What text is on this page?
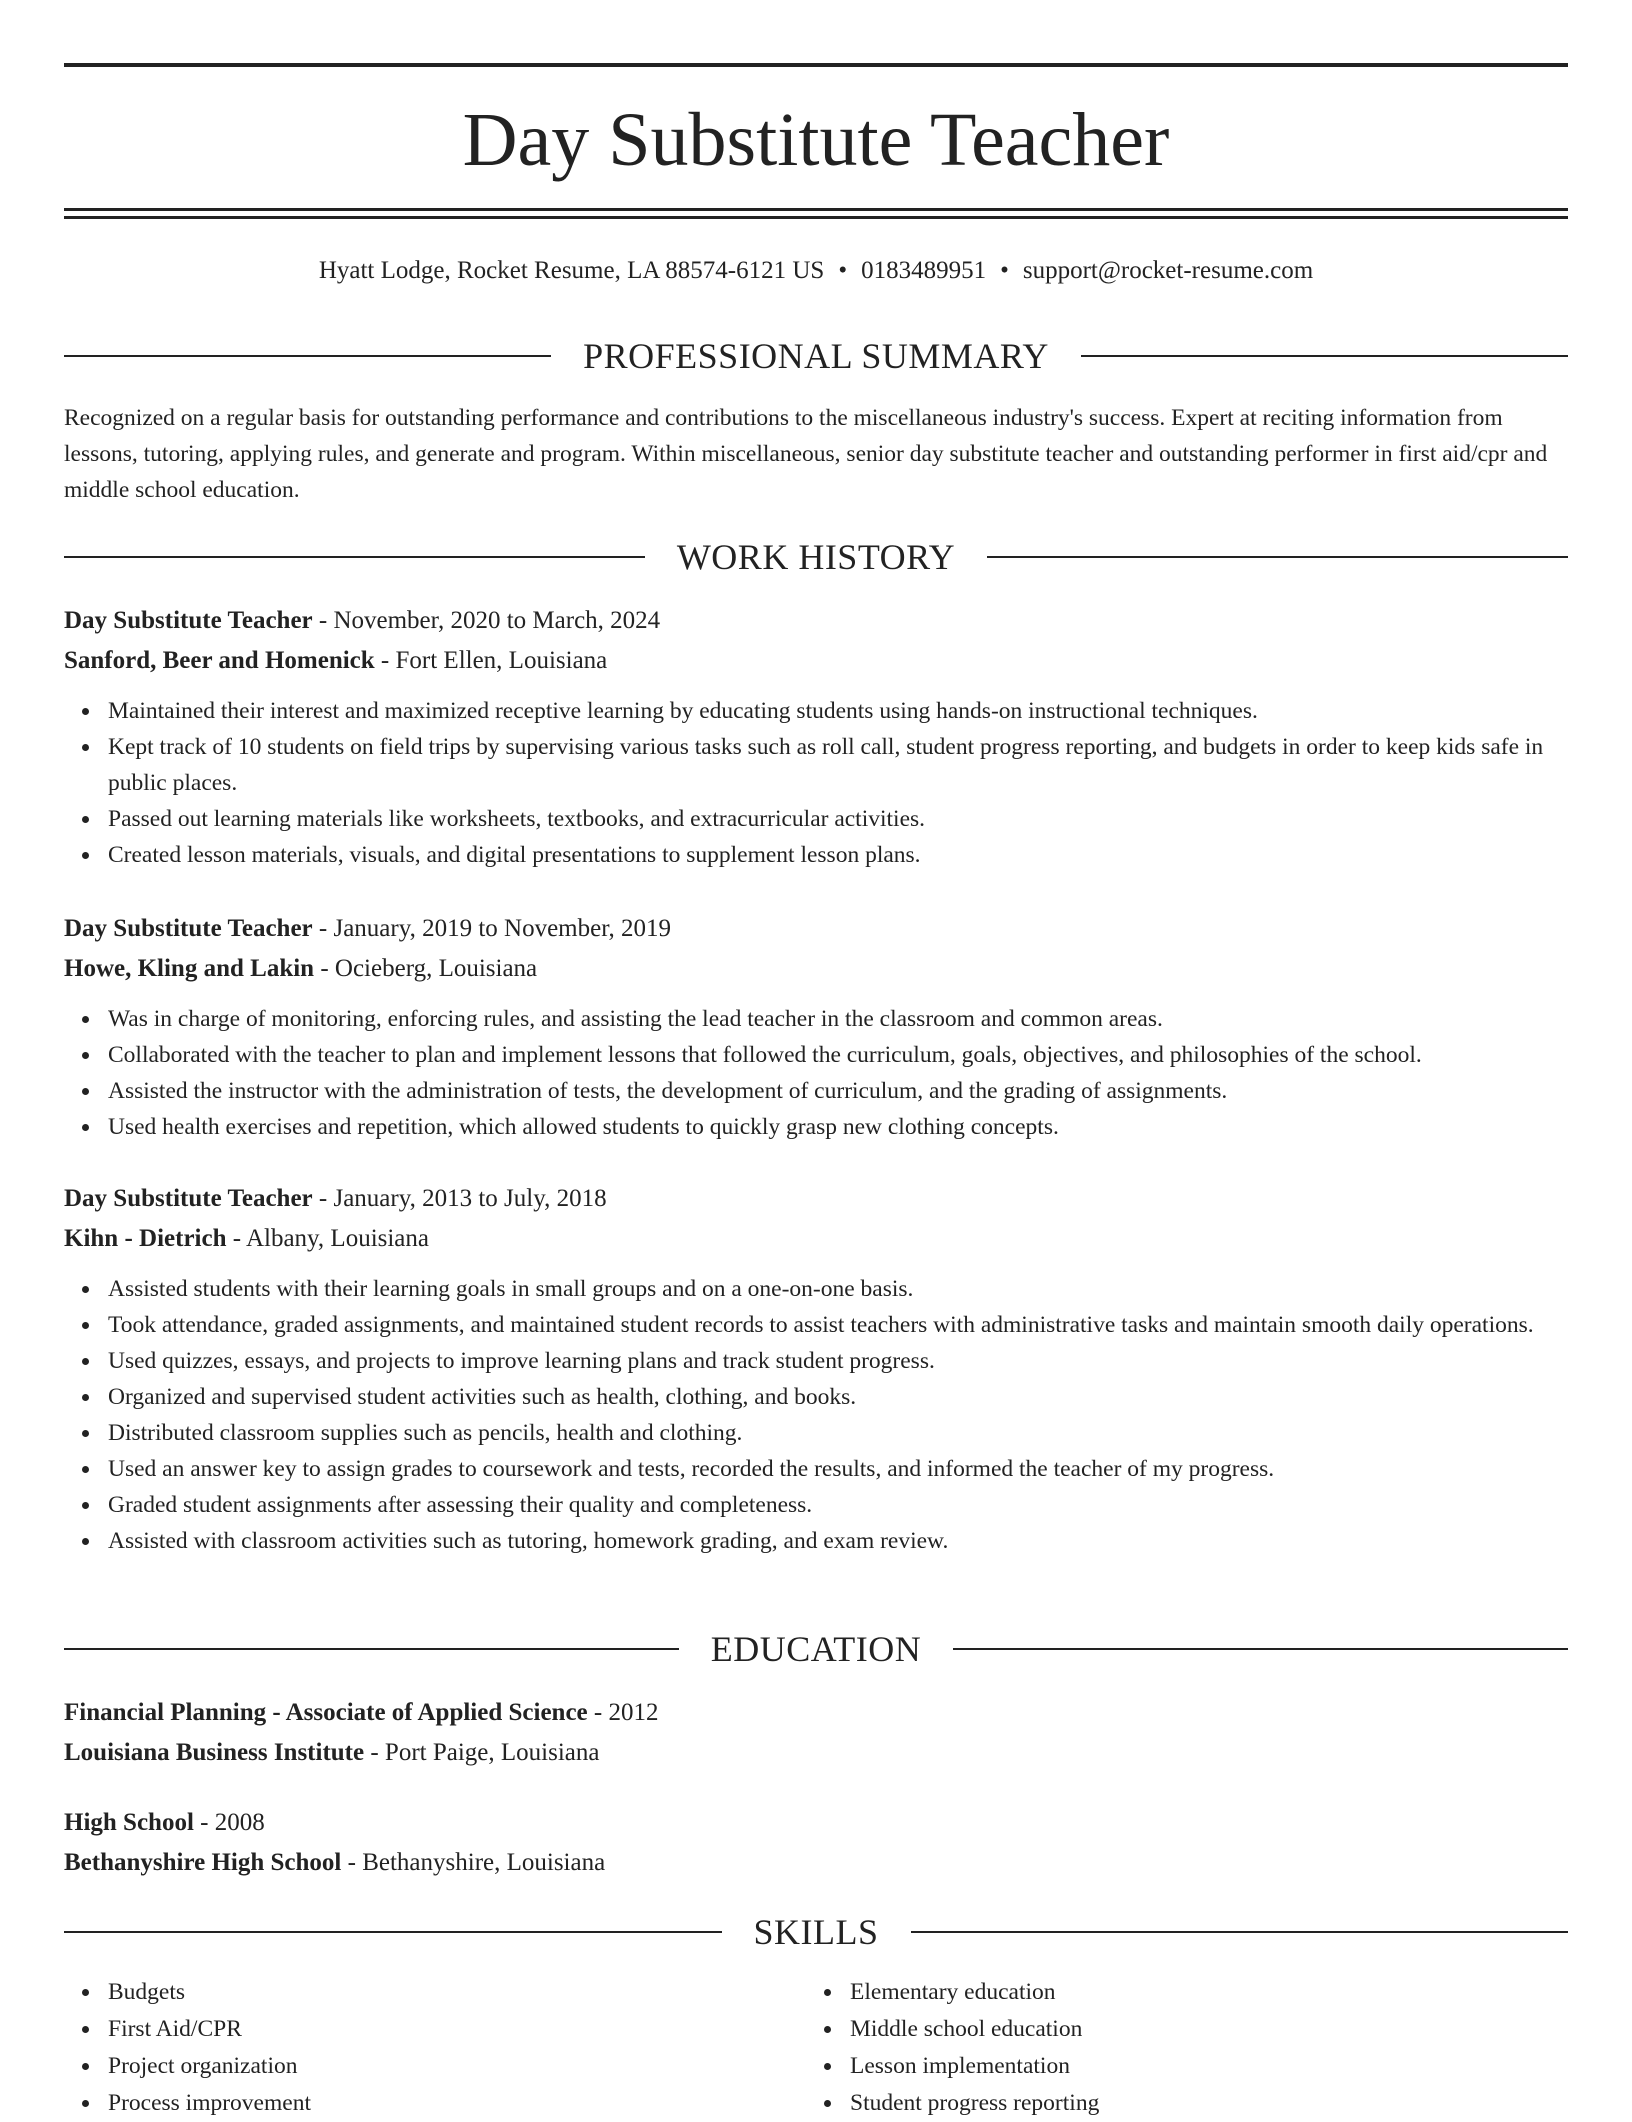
Day Substitute Teacher
Hyatt Lodge, Rocket Resume, LA 88574-6121 US • 0183489951 • support@rocket-resume.com
PROFESSIONAL SUMMARY
Recognized on a regular basis for outstanding performance and contributions to the miscellaneous industry's success. Expert at reciting information from lessons, tutoring, applying rules, and generate and program. Within miscellaneous, senior day substitute teacher and outstanding performer in first aid/cpr and middle school education.
WORK HISTORY
Day Substitute Teacher - November, 2020 to March, 2024
Sanford, Beer and Homenick - Fort Ellen, Louisiana
Maintained their interest and maximized receptive learning by educating students using hands-on instructional techniques.
Kept track of 10 students on field trips by supervising various tasks such as roll call, student progress reporting, and budgets in order to keep kids safe in public places.
Passed out learning materials like worksheets, textbooks, and extracurricular activities.
Created lesson materials, visuals, and digital presentations to supplement lesson plans.
Day Substitute Teacher - January, 2019 to November, 2019
Howe, Kling and Lakin - Ocieberg, Louisiana
Was in charge of monitoring, enforcing rules, and assisting the lead teacher in the classroom and common areas.
Collaborated with the teacher to plan and implement lessons that followed the curriculum, goals, objectives, and philosophies of the school.
Assisted the instructor with the administration of tests, the development of curriculum, and the grading of assignments.
Used health exercises and repetition, which allowed students to quickly grasp new clothing concepts.
Day Substitute Teacher - January, 2013 to July, 2018
Kihn - Dietrich - Albany, Louisiana
Assisted students with their learning goals in small groups and on a one-on-one basis.
Took attendance, graded assignments, and maintained student records to assist teachers with administrative tasks and maintain smooth daily operations.
Used quizzes, essays, and projects to improve learning plans and track student progress.
Organized and supervised student activities such as health, clothing, and books.
Distributed classroom supplies such as pencils, health and clothing.
Used an answer key to assign grades to coursework and tests, recorded the results, and informed the teacher of my progress.
Graded student assignments after assessing their quality and completeness.
Assisted with classroom activities such as tutoring, homework grading, and exam review.
EDUCATION
Financial Planning - Associate of Applied Science - 2012
Louisiana Business Institute - Port Paige, Louisiana
High School - 2008
Bethanyshire High School - Bethanyshire, Louisiana
SKILLS
Budgets
First Aid/CPR
Project organization
Process improvement
Elementary education
Middle school education
Lesson implementation
Student progress reporting
